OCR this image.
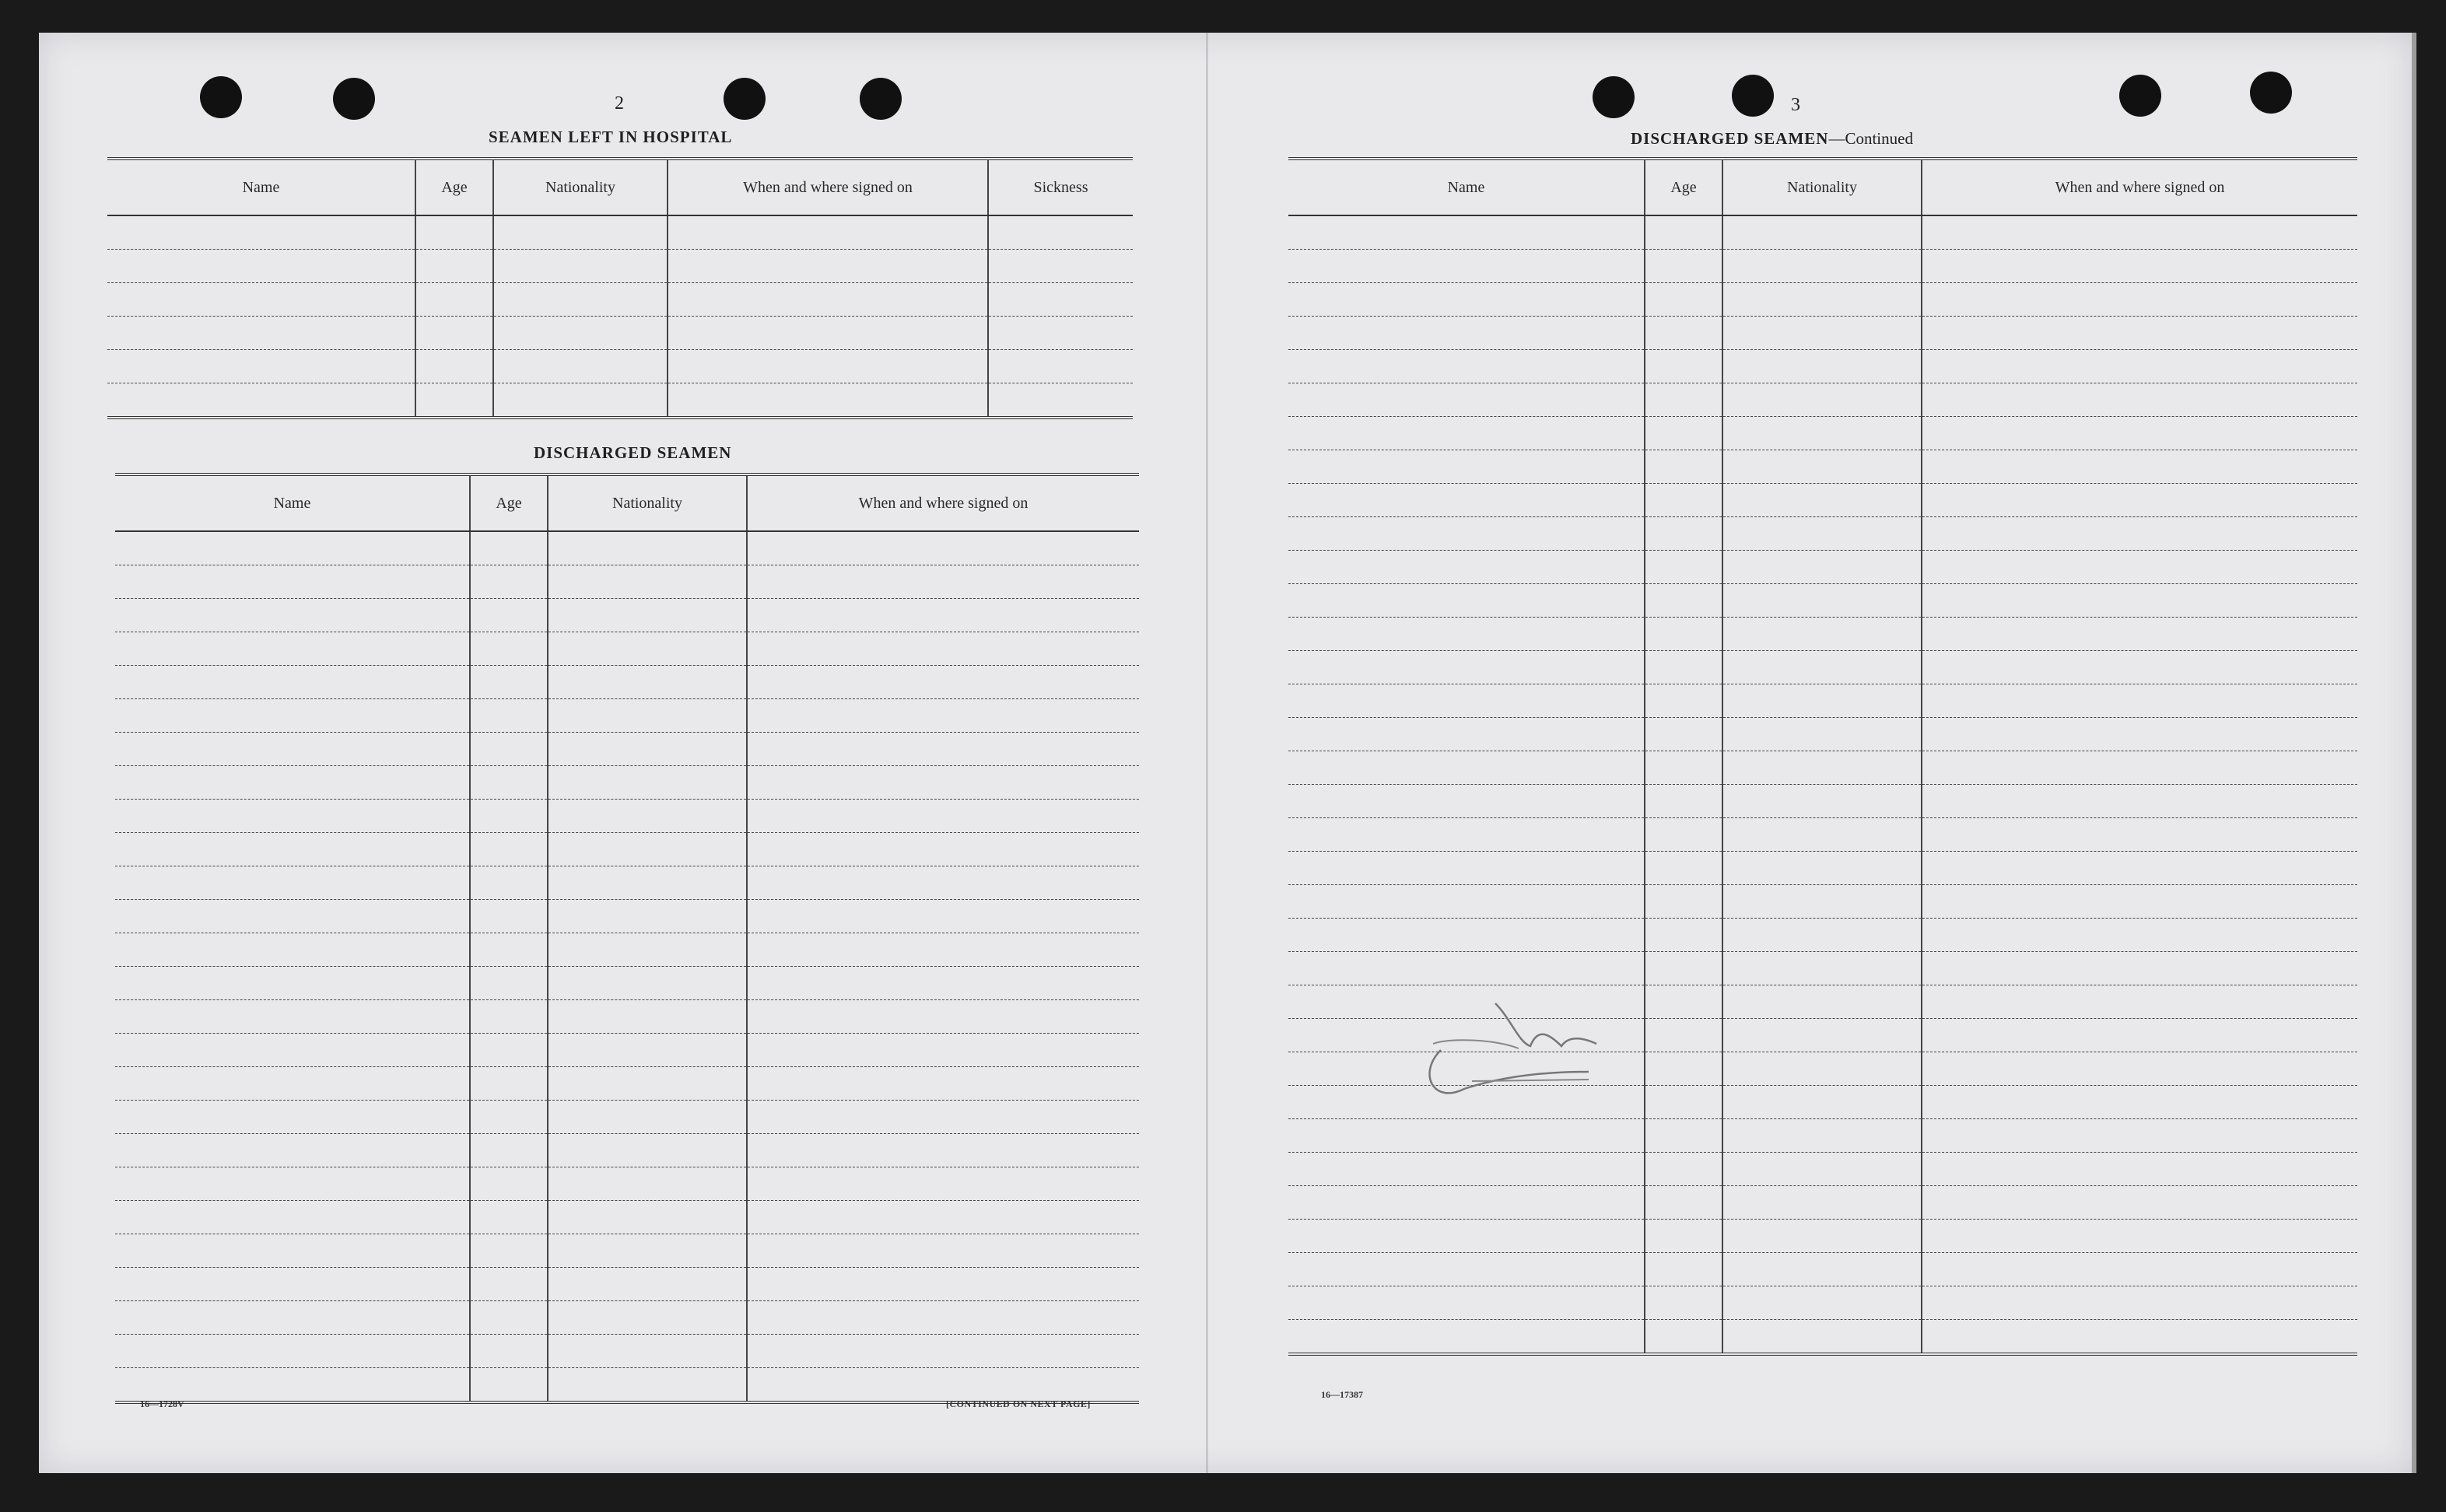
2
SEAMEN LEFT IN HOSPITAL
Name	Age	Nationality	When and where signed on	Sickness

DISCHARGED SEAMEN
Name	Age	Nationality	When and where signed on

16—1728V	[CONTINUED ON NEXT PAGE]
3
DISCHARGED SEAMEN—Continued
Name	Age	Nationality	When and where signed on

16—17387
